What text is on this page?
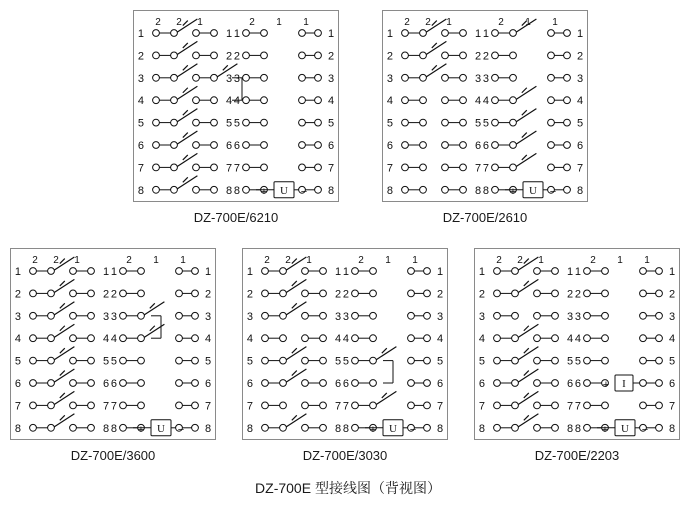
2 2 1	2 1 1
1	1 1	1
2	2 2	2
3	3 3	3
4	4 4	4
5	5 5	5
6	6 6	6
7	7 7	7
8	8 8	8
U
+	−
DZ-700E/6210
2 2 1	2 1 1
1	1 1	1
2	2 2	2
3	3 3	3
4	4 4	4
5	5 5	5
6	6 6	6
7	7 7	7
8	8 8	8
U
+	−
DZ-700E/2610
2 2 1	2 1 1
1	1 1	1
2	2 2	2
3	3 3	3
4	4 4	4
5	5 5	5
6	6 6	6
7	7 7	7
8	8 8	8
U
+	−
DZ-700E/3600
2 2 1	2 1 1
1	1 1	1
2	2 2	2
3	3 3	3
4	4 4	4
5	5 5	5
6	6 6	6
7	7 7	7
8	8 8	8
U
+	−
DZ-700E/3030
2 2 1	2 1 1
1	1 1	1
2	2 2	2
3	3 3	3
4	4 4	4
5	5 5	5
6	6 6	6
7	7 7	7
8	8 8	8
U
+	−
I
+
DZ-700E/2203
DZ-700E 型接线图（背视图）
